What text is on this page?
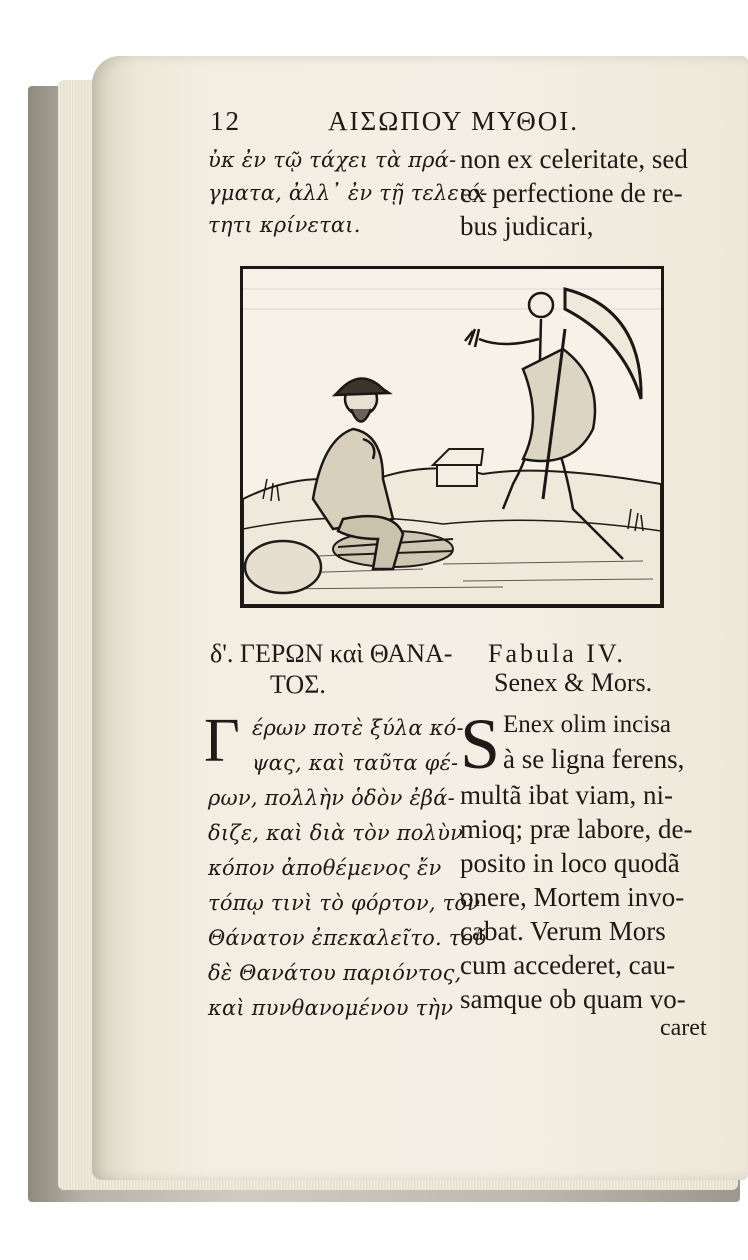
12	ΑΙΣΩΠΟΥ ΜΥΘΟΙ.
ὐκ ἐν τῷ τάχει τὰ πρά-
γματα, ἀλλ᾽ ἐν τῇ τελειό-
τητι κρίνεται.
non ex celeritate, sed
ex perfectione de re-
bus judicari,
δ'. ΓΕΡΩΝ καὶ ΘΑΝΑ-
ΤΟΣ.
Fabula IV.
Senex & Mors.
Γ έρων ποτὲ ξύλα κό-
ψας, καὶ ταῦτα φέ-
ρων, πολλὴν ὁδὸν ἐβά-
διζε, καὶ διὰ τὸν πολὺν
κόπον ἀποθέμενος ἔν
τόπῳ τινὶ τὸ φόρτον, τὸν
Θάνατον ἐπεκαλεῖτο. τοῦ
δὲ Θανάτου παριόντος,
καὶ πυνθανομένου τὴν
S Enex olim incisa
à se ligna ferens,
multã ibat viam, ni-
mioq; præ labore, de-
posito in loco quodã
onere, Mortem invo-
cabat. Verum Mors
cum accederet, cau-
samque ob quam vo-
caret
